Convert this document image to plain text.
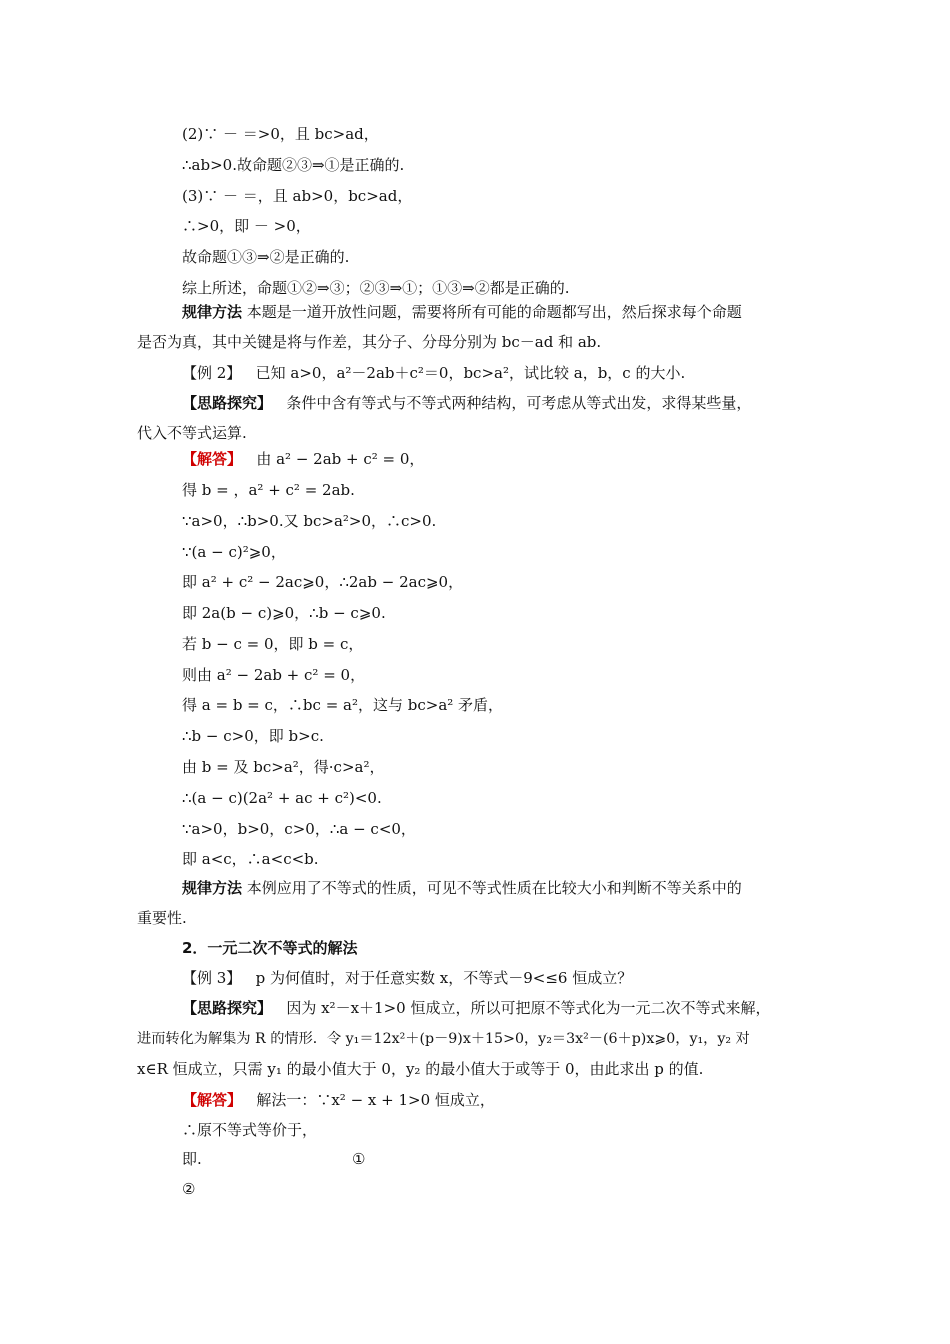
(2)∵ － ＝>0，且 bc>ad，
∴ab>0.故命题②③⇒①是正确的.
(3)∵ － ＝，且 ab>0，bc>ad，
∴>0，即 － >0，
故命题①③⇒②是正确的.
综上所述，命题①②⇒③；②③⇒①；①③⇒②都是正确的.
规律方法 本题是一道开放性问题，需要将所有可能的命题都写出，然后探求每个命题
是否为真，其中关键是将与作差，其分子、分母分别为 bc－ad 和 ab.
【例 2】 已知 a>0，a²－2ab＋c²＝0，bc>a²，试比较 a，b，c 的大小.
【思路探究】 条件中含有等式与不等式两种结构，可考虑从等式出发，求得某些量，
代入不等式运算.
【解答】 由 a² − 2ab + c² = 0，
得 b = ，a² + c² = 2ab.
∵a>0，∴b>0.又 bc>a²>0，∴c>0.
∵(a − c)²⩾0，
即 a² + c² − 2ac⩾0，∴2ab − 2ac⩾0，
即 2a(b − c)⩾0，∴b − c⩾0.
若 b − c = 0，即 b = c，
则由 a² − 2ab + c² = 0，
得 a = b = c，∴bc = a²，这与 bc>a² 矛盾，
∴b − c>0，即 b>c.
由 b = 及 bc>a²，得·c>a²，
∴(a − c)(2a² + ac + c²)<0.
∵a>0，b>0，c>0，∴a − c<0，
即 a<c，∴a<c<b.
规律方法 本例应用了不等式的性质，可见不等式性质在比较大小和判断不等关系中的
重要性.
2．一元二次不等式的解法
【例 3】 p 为何值时，对于任意实数 x，不等式－9<≤6 恒成立？
【思路探究】 因为 x²－x＋1>0 恒成立，所以可把原不等式化为一元二次不等式来解，
进而转化为解集为 R 的情形．令 y₁＝12x²＋(p－9)x＋15>0，y₂＝3x²－(6＋p)x⩾0，y₁，y₂ 对
x∈R 恒成立，只需 y₁ 的最小值大于 0，y₂ 的最小值大于或等于 0，由此求出 p 的值.
【解答】 解法一：∵x² − x + 1>0 恒成立，
∴原不等式等价于，
即.	①
②
